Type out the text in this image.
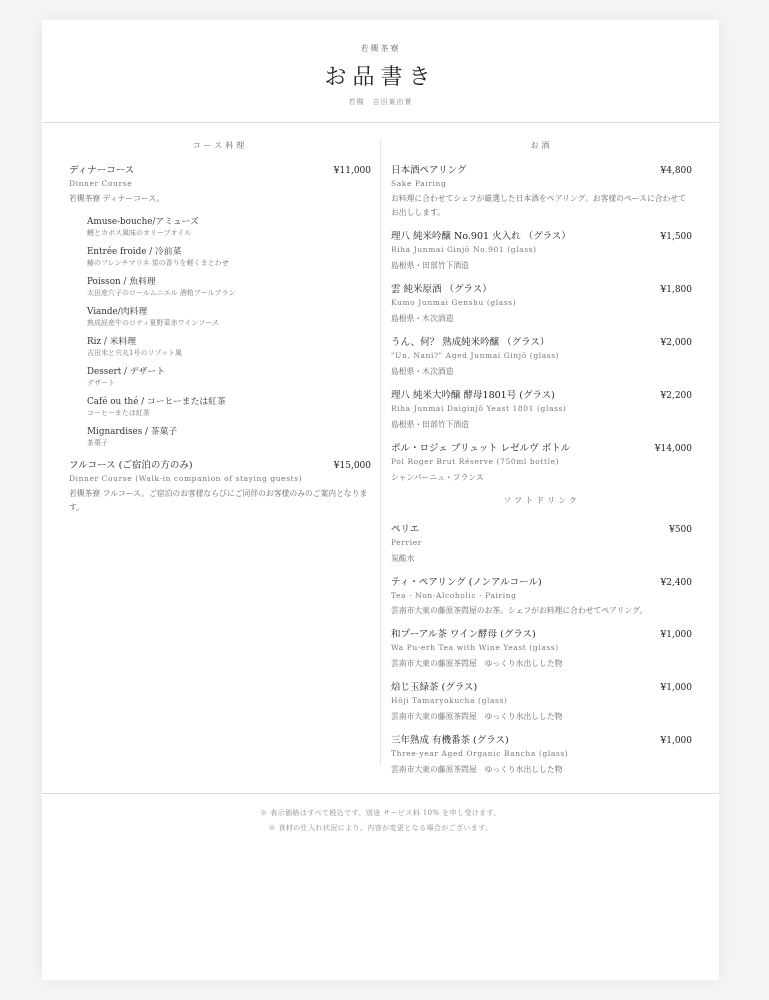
若槻茶寮
お品書き
若槻　吉田東由實
コース料理
ディナーコース	¥11,000
Dinner Course
若槻茶寮 ディナーコース。
Amuse-bouche/アミューズ
鰻とカボス風味のオリーブオイル
Entrée froide / 冷前菜
鰆のフレンチマリネ 炭の香りを軽くまとわせ
Poisson / 魚料理
太田産穴子のロールムニエル 酒粕ブールブラン
Viande/肉料理
熟成経産牛のロティ夏野菜赤ワインソース
Riz / 米料理
吉田米と宍丸1号のリゾット風
Dessert / デザート
デザート
Café ou thé / コーヒーまたは紅茶
コーヒーまたは紅茶
Mignardises / 茶菓子
茶菓子
フルコース (ご宿泊の方のみ)	¥15,000
Dinner Course (Walk-in companion of staying guests)
若槻茶寮 フルコース。ご宿泊のお客様ならびにご同伴のお客様のみのご案内となります。
お酒
日本酒ペアリング	¥4,800
Sake Pairing
お料理に合わせてシェフが厳選した日本酒をペアリング。お客様のペースに合わせてお出しします。
理八 純米吟醸 No.901 火入れ （グラス）	¥1,500
Riha Junmai Ginjō No.901 (glass)
島根県・田部竹下酒造
雲 純米原酒 （グラス）	¥1,800
Kumo Junmai Genshu (glass)
島根県・木次酒造
うん、何？ 熟成純米吟醸 （グラス）	¥2,000
"Un, Nani?" Aged Junmai Ginjō (glass)
島根県・木次酒造
理八 純米大吟醸 酵母1801号 (グラス)	¥2,200
Riha Junmai Daiginjō Yeast 1801 (glass)
島根県・田部竹下酒造
ポル・ロジェ ブリュット レゼルヴ ボトル	¥14,000
Pol Roger Brut Réserve (750ml bottle)
シャンパーニュ・フランス
ソフトドリンク
ペリエ	¥500
Perrier
炭酸水
ティ・ペアリング (ノンアルコール)	¥2,400
Tea · Non-Alcoholic · Pairing
雲南市大東の藤原茶問屋のお茶。シェフがお料理に合わせてペアリング。
和プーアル茶 ワイン酵母 (グラス)	¥1,000
Wa Pu-erh Tea with Wine Yeast (glass)
雲南市大東の藤原茶問屋　ゆっくり水出しした物
焙じ玉緑茶 (グラス)	¥1,000
Hōji Tamaryokucha (glass)
雲南市大東の藤原茶問屋　ゆっくり水出しした物
三年熟成 有機番茶 (グラス)	¥1,000
Three-year Aged Organic Bancha (glass)
雲南市大東の藤原茶問屋　ゆっくり水出しした物
※ 表示価格はすべて税込です。別途 サービス料 10% を申し受けます。
※ 食材の仕入れ状況により、内容が変更となる場合がございます。
